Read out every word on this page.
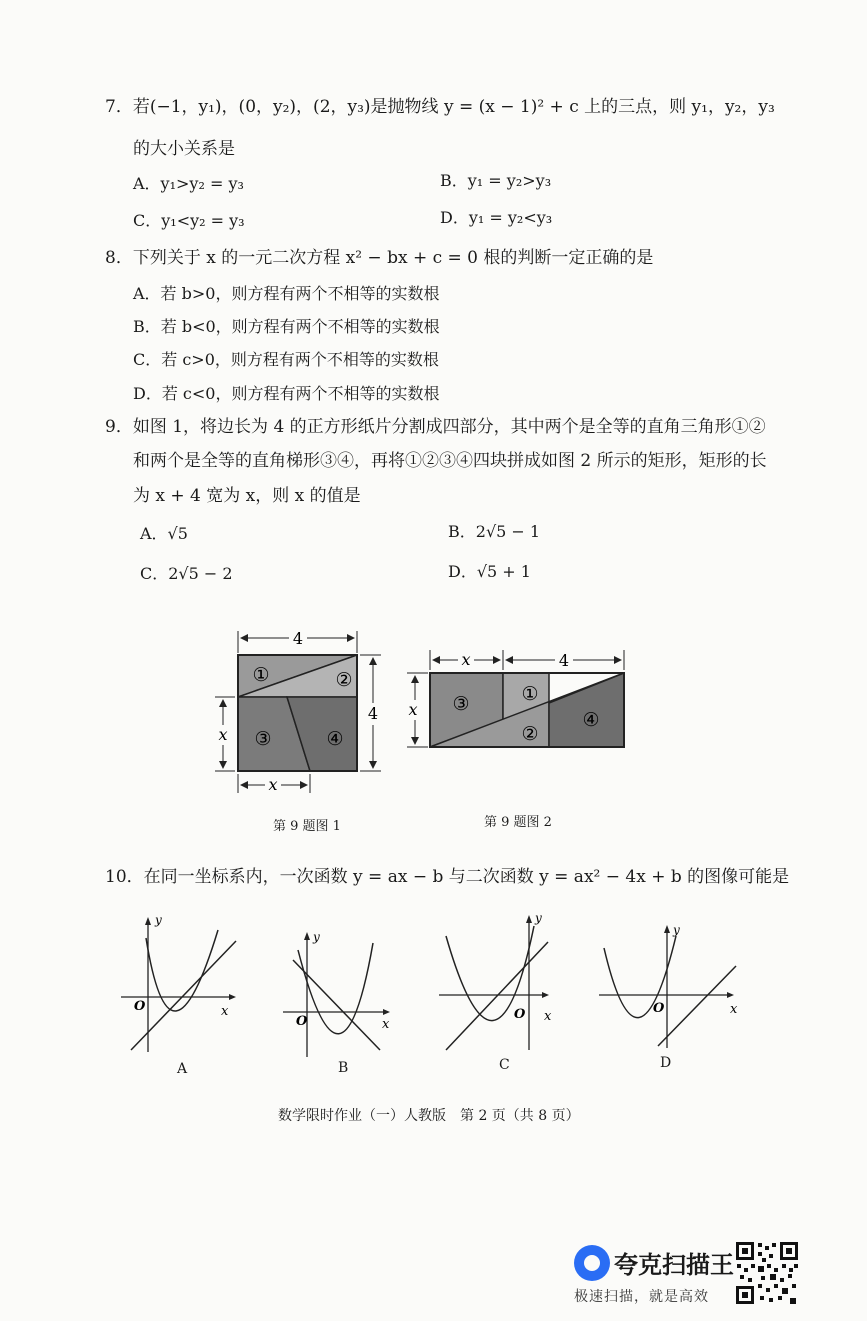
7．若(−1，y₁)，(0，y₂)，(2，y₃)是抛物线 y = (x − 1)² + c 上的三点，则 y₁，y₂，y₃
的大小关系是
A．y₁>y₂ = y₃	B．y₁ = y₂>y₃
C．y₁<y₂ = y₃	D．y₁ = y₂<y₃
8．下列关于 x 的一元二次方程 x² − bx + c = 0 根的判断一定正确的是
A．若 b>0，则方程有两个不相等的实数根
B．若 b<0，则方程有两个不相等的实数根
C．若 c>0，则方程有两个不相等的实数根
D．若 c<0，则方程有两个不相等的实数根
9．如图 1，将边长为 4 的正方形纸片分割成四部分，其中两个是全等的直角三角形①②
和两个是全等的直角梯形③④，再将①②③④四块拼成如图 2 所示的矩形，矩形的长
为 x + 4 宽为 x，则 x 的值是
A．√5	B．2√5 − 1
C．2√5 − 2	D．√5 + 1
4
4
x
x
①	②
③	④
第 9 题图 1
x	4
x ③	①
②
④
第 9 题图 2
10．在同一坐标系内，一次函数 y = ax − b 与二次函数 y = ax² − 4x + b 的图像可能是
y
x
O
A
y
x
O
B
y
x
O
C
y
x
O
D
数学限时作业（一）人教版　第 2 页（共 8 页）
夸克扫描王
极速扫描，就是高效
